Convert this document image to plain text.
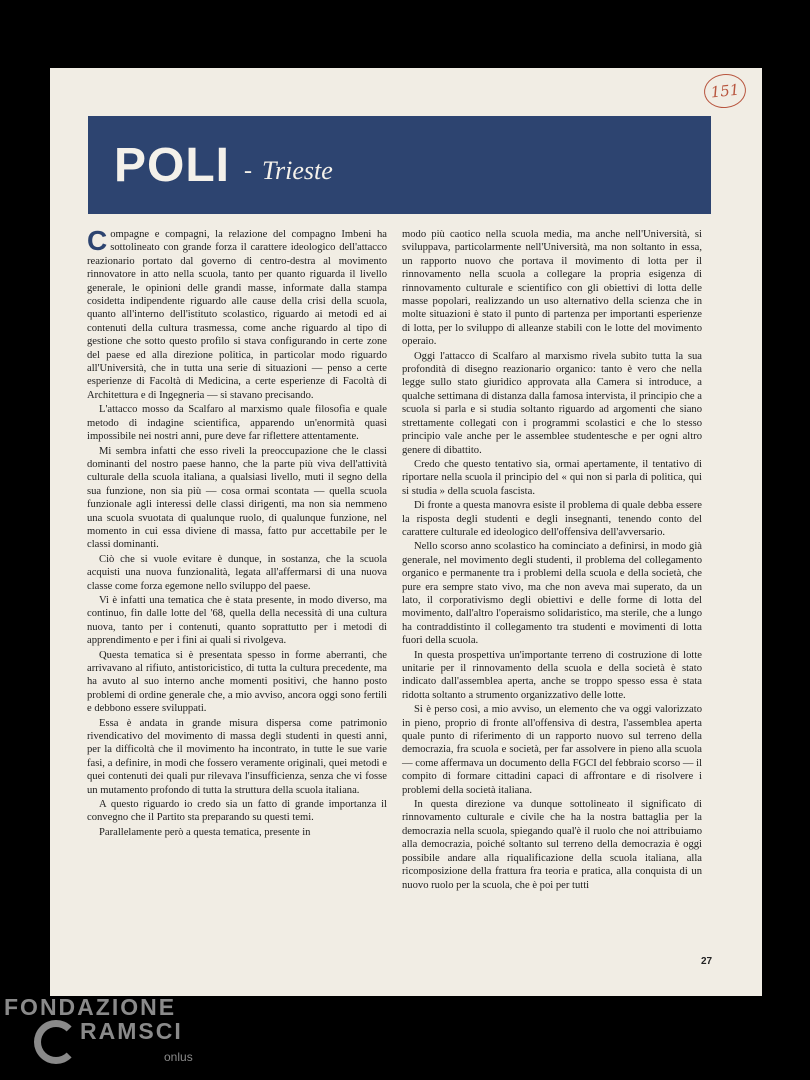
151
POLI - Trieste

Compagne e compagni, la relazione del compagno Imbeni ha sottolineato con grande forza il carattere ideologico dell'attacco reazionario portato dal governo di centro-destra al movimento rinnovatore in atto nella scuola, tanto per quanto riguarda il livello generale, le opinioni delle grandi masse, informate dalla stampa cosidetta indipendente riguardo alle cause della crisi della scuola, quanto all'interno dell'istituto scolastico, riguardo ai metodi ed ai contenuti della cultura trasmessa, come anche riguardo al tipo di gestione che sotto questo profilo si stava configurando in certe zone del paese ed alla direzione politica, in particolar modo riguardo all'Università, che in tutta una serie di situazioni — penso a certe esperienze di Facoltà di Medicina, a certe esperienze di Facoltà di Architettura e di Ingegneria — si stavano precisando.

L'attacco mosso da Scalfaro al marxismo quale filosofia e quale metodo di indagine scientifica, apparendo un'enormità quasi impossibile nei nostri anni, pure deve far riflettere attentamente.

Mi sembra infatti che esso riveli la preoccupazione che le classi dominanti del nostro paese hanno, che la parte più viva dell'attività culturale della scuola italiana, a qualsiasi livello, muti il segno della sua funzione, non sia più — cosa ormai scontata — quella scuola funzionale agli interessi delle classi dirigenti, ma non sia nemmeno una scuola svuotata di qualunque ruolo, di qualunque funzione, nel momento in cui essa diviene di massa, fatto pur accettabile per le classi dominanti.

Ciò che si vuole evitare è dunque, in sostanza, che la scuola acquisti una nuova funzionalità, legata all'affermarsi di una nuova classe come forza egemone nello sviluppo del paese.

Vi è infatti una tematica che è stata presente, in modo diverso, ma continuo, fin dalle lotte del '68, quella della necessità di una cultura nuova, tanto per i contenuti, quanto soprattutto per i metodi di apprendimento e per i fini ai quali si rivolgeva.

Questa tematica si è presentata spesso in forme aberranti, che arrivavano al rifiuto, antistoricistico, di tutta la cultura precedente, ma ha avuto al suo interno anche momenti positivi, che hanno posto problemi di ordine generale che, a mio avviso, ancora oggi sono fertili e debbono essere sviluppati.

Essa è andata in grande misura dispersa come patrimonio rivendicativo del movimento di massa degli studenti in questi anni, per la difficoltà che il movimento ha incontrato, in tutte le sue varie fasi, a definire, in modi che fossero veramente originali, quei metodi e quei contenuti dei quali pur rilevava l'insufficienza, senza che vi fosse un mutamento profondo di tutta la struttura della scuola italiana.

A questo riguardo io credo sia un fatto di grande importanza il convegno che il Partito sta preparando su questi temi.

Parallelamente però a questa tematica, presente in

modo più caotico nella scuola media, ma anche nell'Università, si sviluppava, particolarmente nell'Università, ma non soltanto in essa, un rapporto nuovo che portava il movimento di lotta per il rinnovamento nella scuola a collegare la propria esigenza di rinnovamento culturale e scientifico con gli obiettivi di lotta delle masse popolari, realizzando un uso alternativo della scienza che in molte situazioni è stato il punto di partenza per importanti esperienze di lotta, per lo sviluppo di alleanze stabili con le lotte del movimento operaio.

Oggi l'attacco di Scalfaro al marxismo rivela subito tutta la sua profondità di disegno reazionario organico: tanto è vero che nella legge sullo stato giuridico approvata alla Camera si introduce, a qualche settimana di distanza dalla famosa intervista, il principio che a scuola si parla e si studia soltanto riguardo ad argomenti che siano strettamente collegati con i programmi scolastici e che lo stesso principio vale anche per le assemblee studentesche e per ogni altro genere di dibattito.

Credo che questo tentativo sia, ormai apertamente, il tentativo di riportare nella scuola il principio del « qui non si parla di politica, qui si studia » della scuola fascista.

Di fronte a questa manovra esiste il problema di quale debba essere la risposta degli studenti e degli insegnanti, tenendo conto del carattere culturale ed ideologico dell'offensiva dell'avversario.

Nello scorso anno scolastico ha cominciato a definirsi, in modo già generale, nel movimento degli studenti, il problema del collegamento organico e permanente tra i problemi della scuola e della società, che pure era sempre stato vivo, ma che non aveva mai superato, da un lato, il corporativismo degli obiettivi e delle forme di lotta del movimento, dall'altro l'operaismo solidaristico, ma sterile, che a lungo ha contraddistinto il collegamento tra studenti e movimenti di lotta fuori della scuola.

In questa prospettiva un'importante terreno di costruzione di lotte unitarie per il rinnovamento della scuola e della società è stato indicato dall'assemblea aperta, anche se troppo spesso essa è stata ridotta soltanto a strumento organizzativo delle lotte.

Si è perso così, a mio avviso, un elemento che va oggi valorizzato in pieno, proprio di fronte all'offensiva di destra, l'assemblea aperta quale punto di riferimento di un rapporto nuovo sul terreno della democrazia, fra scuola e società, per far assolvere in pieno alla scuola — come affermava un documento della FGCI del febbraio scorso — il compito di formare cittadini capaci di affrontare e di risolvere i problemi della società italiana.

In questa direzione va dunque sottolineato il significato di rinnovamento culturale e civile che ha la nostra battaglia per la democrazia nella scuola, spiegando qual'è il ruolo che noi attribuiamo alla democrazia, poiché soltanto sul terreno della democrazia è oggi possibile andare alla riqualificazione della scuola italiana, alla ricomposizione della frattura fra teoria e pratica, alla conquista di un nuovo ruolo per la scuola, che è poi per tutti

27
FONDAZIONE
RAMSCI
onlus
